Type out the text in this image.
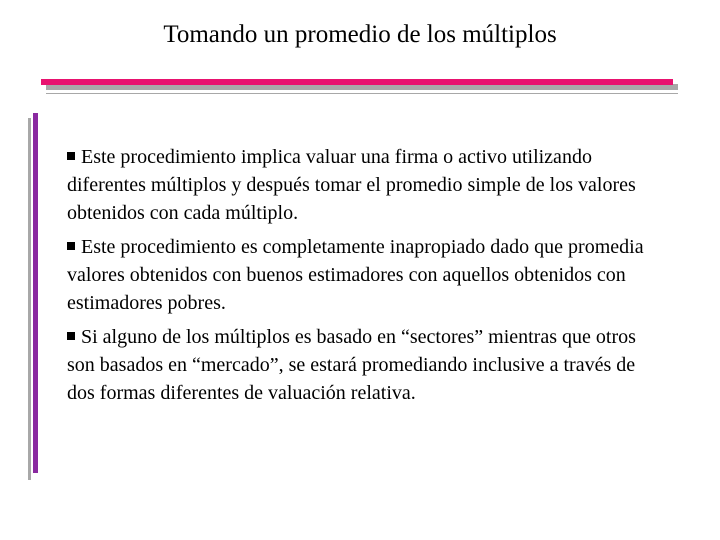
Tomando un promedio de los múltiplos

Este procedimiento implica valuar una firma o activo utilizando diferentes múltiplos y después tomar el promedio simple de los valores obtenidos con cada múltiplo.

Este procedimiento es completamente inapropiado dado que promedia valores obtenidos con buenos estimadores con aquellos obtenidos con estimadores pobres.

Si alguno de los múltiplos es basado en “sectores” mientras que otros son basados en “mercado”, se estará promediando inclusive a través de dos formas diferentes de valuación relativa.
